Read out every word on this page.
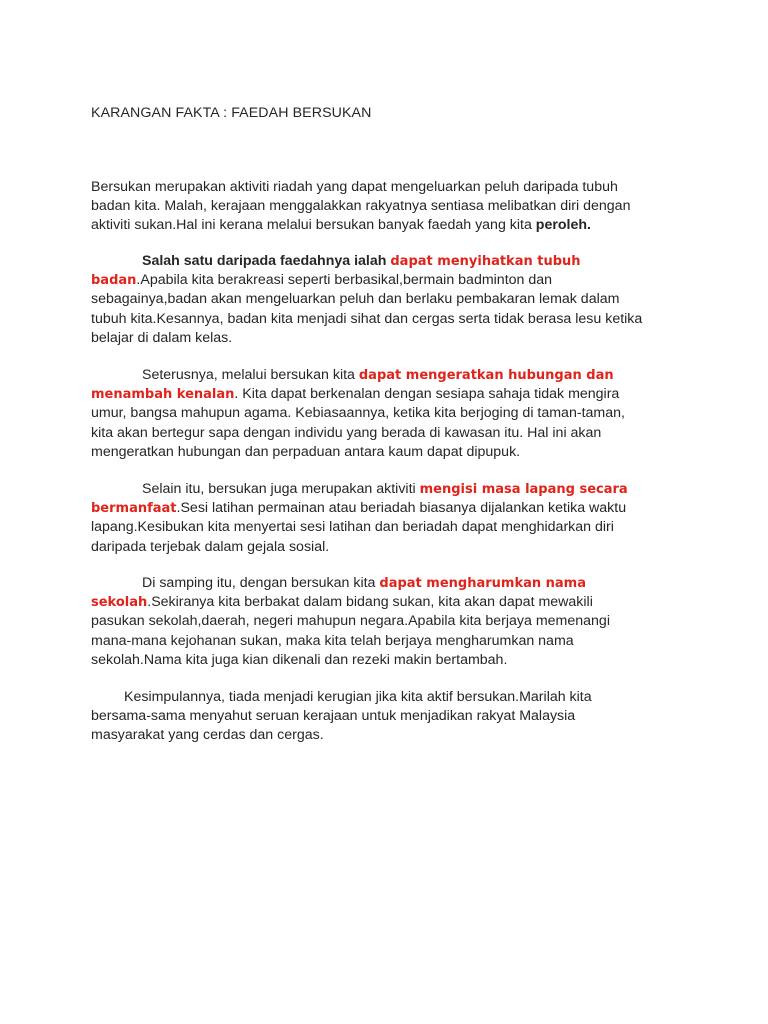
KARANGAN FAKTA : FAEDAH BERSUKAN
Bersukan merupakan aktiviti riadah yang dapat mengeluarkan peluh daripada tubuh
badan kita. Malah, kerajaan menggalakkan rakyatnya sentiasa melibatkan diri dengan
aktiviti sukan.Hal ini kerana melalui bersukan banyak faedah yang kita peroleh.
Salah satu daripada faedahnya ialah dapat menyihatkan tubuh
badan.Apabila kita berakreasi seperti berbasikal,bermain badminton dan
sebagainya,badan akan mengeluarkan peluh dan berlaku pembakaran lemak dalam
tubuh kita.Kesannya, badan kita menjadi sihat dan cergas serta tidak berasa lesu ketika
belajar di dalam kelas.
Seterusnya, melalui bersukan kita dapat mengeratkan hubungan dan
menambah kenalan. Kita dapat berkenalan dengan sesiapa sahaja tidak mengira
umur, bangsa mahupun agama. Kebiasaannya, ketika kita berjoging di taman-taman,
kita akan bertegur sapa dengan individu yang berada di kawasan itu. Hal ini akan
mengeratkan hubungan dan perpaduan antara kaum dapat dipupuk.
Selain itu, bersukan juga merupakan aktiviti mengisi masa lapang secara
bermanfaat.Sesi latihan permainan atau beriadah biasanya dijalankan ketika waktu
lapang.Kesibukan kita menyertai sesi latihan dan beriadah dapat menghidarkan diri
daripada terjebak dalam gejala sosial.
Di samping itu, dengan bersukan kita dapat mengharumkan nama
sekolah.Sekiranya kita berbakat dalam bidang sukan, kita akan dapat mewakili
pasukan sekolah,daerah, negeri mahupun negara.Apabila kita berjaya memenangi
mana-mana kejohanan sukan, maka kita telah berjaya mengharumkan nama
sekolah.Nama kita juga kian dikenali dan rezeki makin bertambah.
Kesimpulannya, tiada menjadi kerugian jika kita aktif bersukan.Marilah kita
bersama-sama menyahut seruan kerajaan untuk menjadikan rakyat Malaysia
masyarakat yang cerdas dan cergas.
